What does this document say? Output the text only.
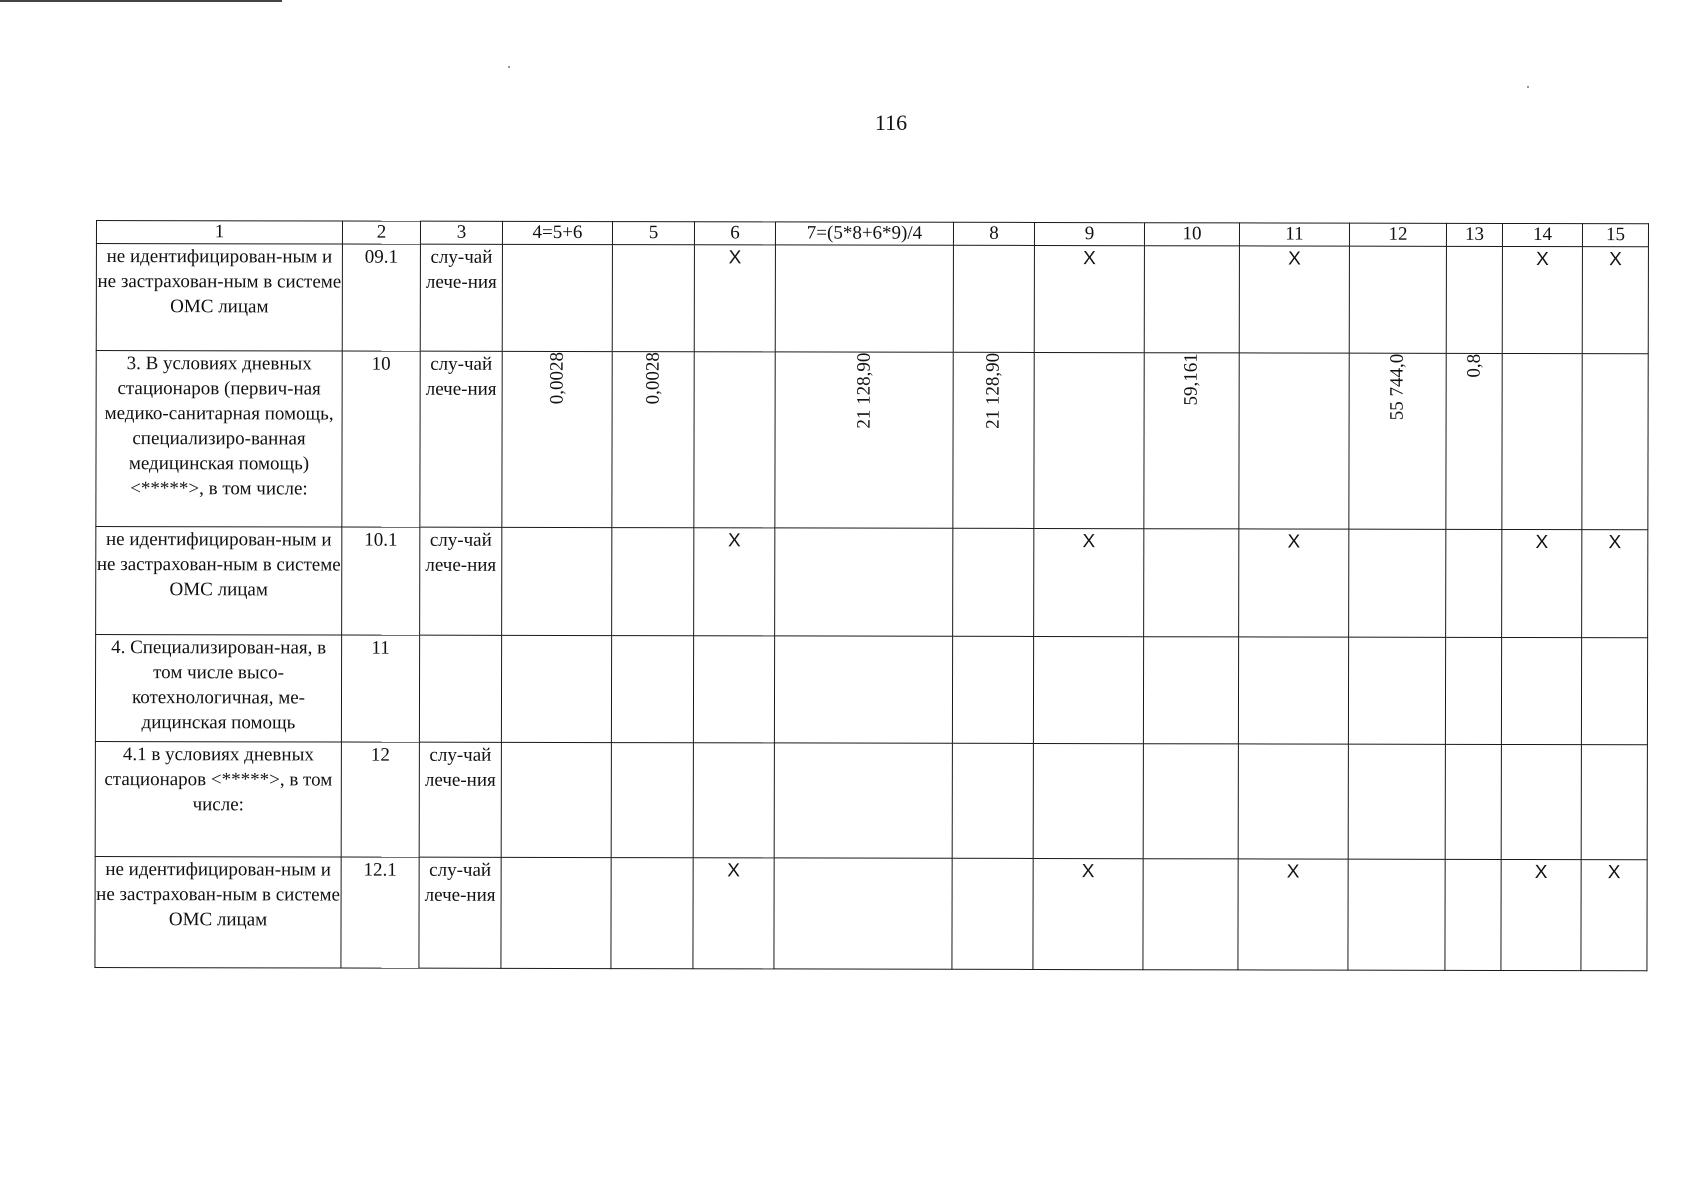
116
1	2	3	4=5+6	5	6	7=(5*8+6*9)/4	8	9	10	11	12	13	14	15
не идентифицирован-ным и не застрахован-ным в системе ОМС лицам	09.1	слу-чай лече-ния			X			X		X			X	X
3. В условиях дневных стационаров (первич-ная медико-санитарная помощь, специализиро-ванная медицинская помощь) <*****>, в том числе:	10	слу-чай лече-ния	0,0028	0,0028		21 128,90	21 128,90		59,161		55 744,0	0,8		
не идентифицирован-ным и не застрахован-ным в системе ОМС лицам	10.1	слу-чай лече-ния			X			X		X			X	X
4. Специализирован-ная, в том числе высо-котехнологичная, ме-дицинская помощь	11													
4.1 в условиях дневных стационаров <*****>, в том числе:	12	слу-чай лече-ния												
не идентифицирован-ным и не застрахован-ным в системе ОМС лицам	12.1	слу-чай лече-ния			X			X		X			X	X
